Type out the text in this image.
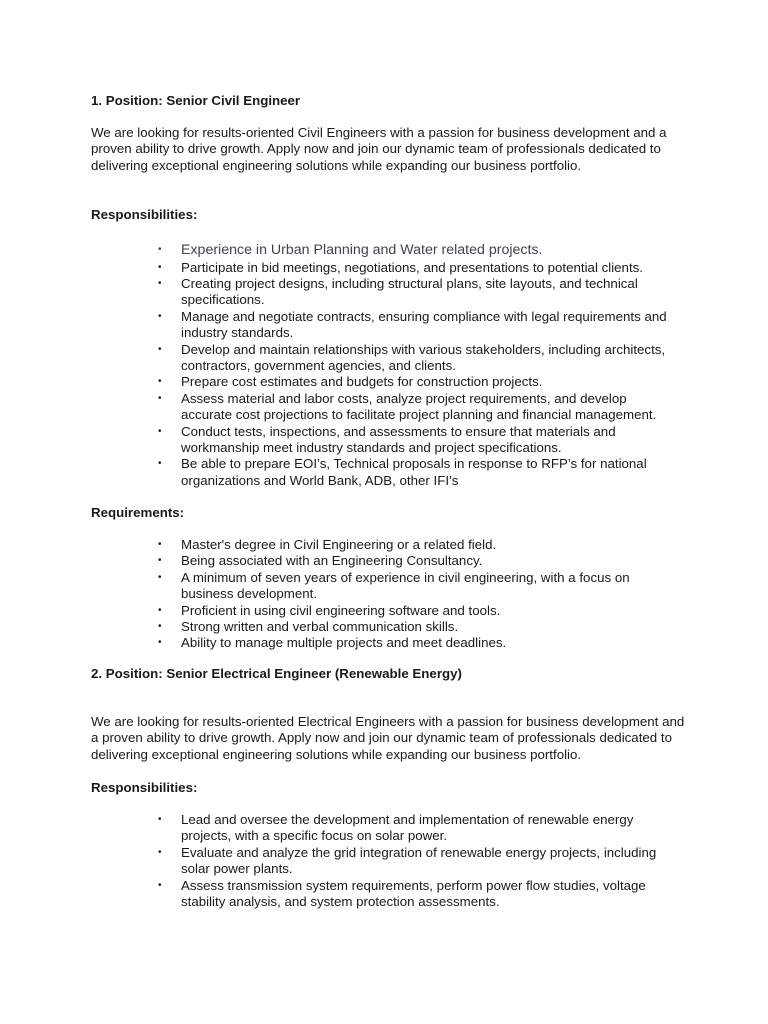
1. Position: Senior Civil Engineer

We are looking for results-oriented Civil Engineers with a passion for business development and a proven ability to drive growth. Apply now and join our dynamic team of professionals dedicated to delivering exceptional engineering solutions while expanding our business portfolio.

Responsibilities:

• Experience in Urban Planning and Water related projects.
• Participate in bid meetings, negotiations, and presentations to potential clients.
• Creating project designs, including structural plans, site layouts, and technical specifications.
• Manage and negotiate contracts, ensuring compliance with legal requirements and industry standards.
• Develop and maintain relationships with various stakeholders, including architects, contractors, government agencies, and clients.
• Prepare cost estimates and budgets for construction projects.
• Assess material and labor costs, analyze project requirements, and develop accurate cost projections to facilitate project planning and financial management.
• Conduct tests, inspections, and assessments to ensure that materials and workmanship meet industry standards and project specifications.
• Be able to prepare EOI’s, Technical proposals in response to RFP’s for national organizations and World Bank, ADB, other IFI’s

Requirements:

• Master's degree in Civil Engineering or a related field.
• Being associated with an Engineering Consultancy.
• A minimum of seven years of experience in civil engineering, with a focus on business development.
• Proficient in using civil engineering software and tools.
• Strong written and verbal communication skills.
• Ability to manage multiple projects and meet deadlines.

2. Position: Senior Electrical Engineer (Renewable Energy)

We are looking for results-oriented Electrical Engineers with a passion for business development and a proven ability to drive growth. Apply now and join our dynamic team of professionals dedicated to delivering exceptional engineering solutions while expanding our business portfolio.

Responsibilities:

• Lead and oversee the development and implementation of renewable energy projects, with a specific focus on solar power.
• Evaluate and analyze the grid integration of renewable energy projects, including solar power plants.
• Assess transmission system requirements, perform power flow studies, voltage stability analysis, and system protection assessments.
